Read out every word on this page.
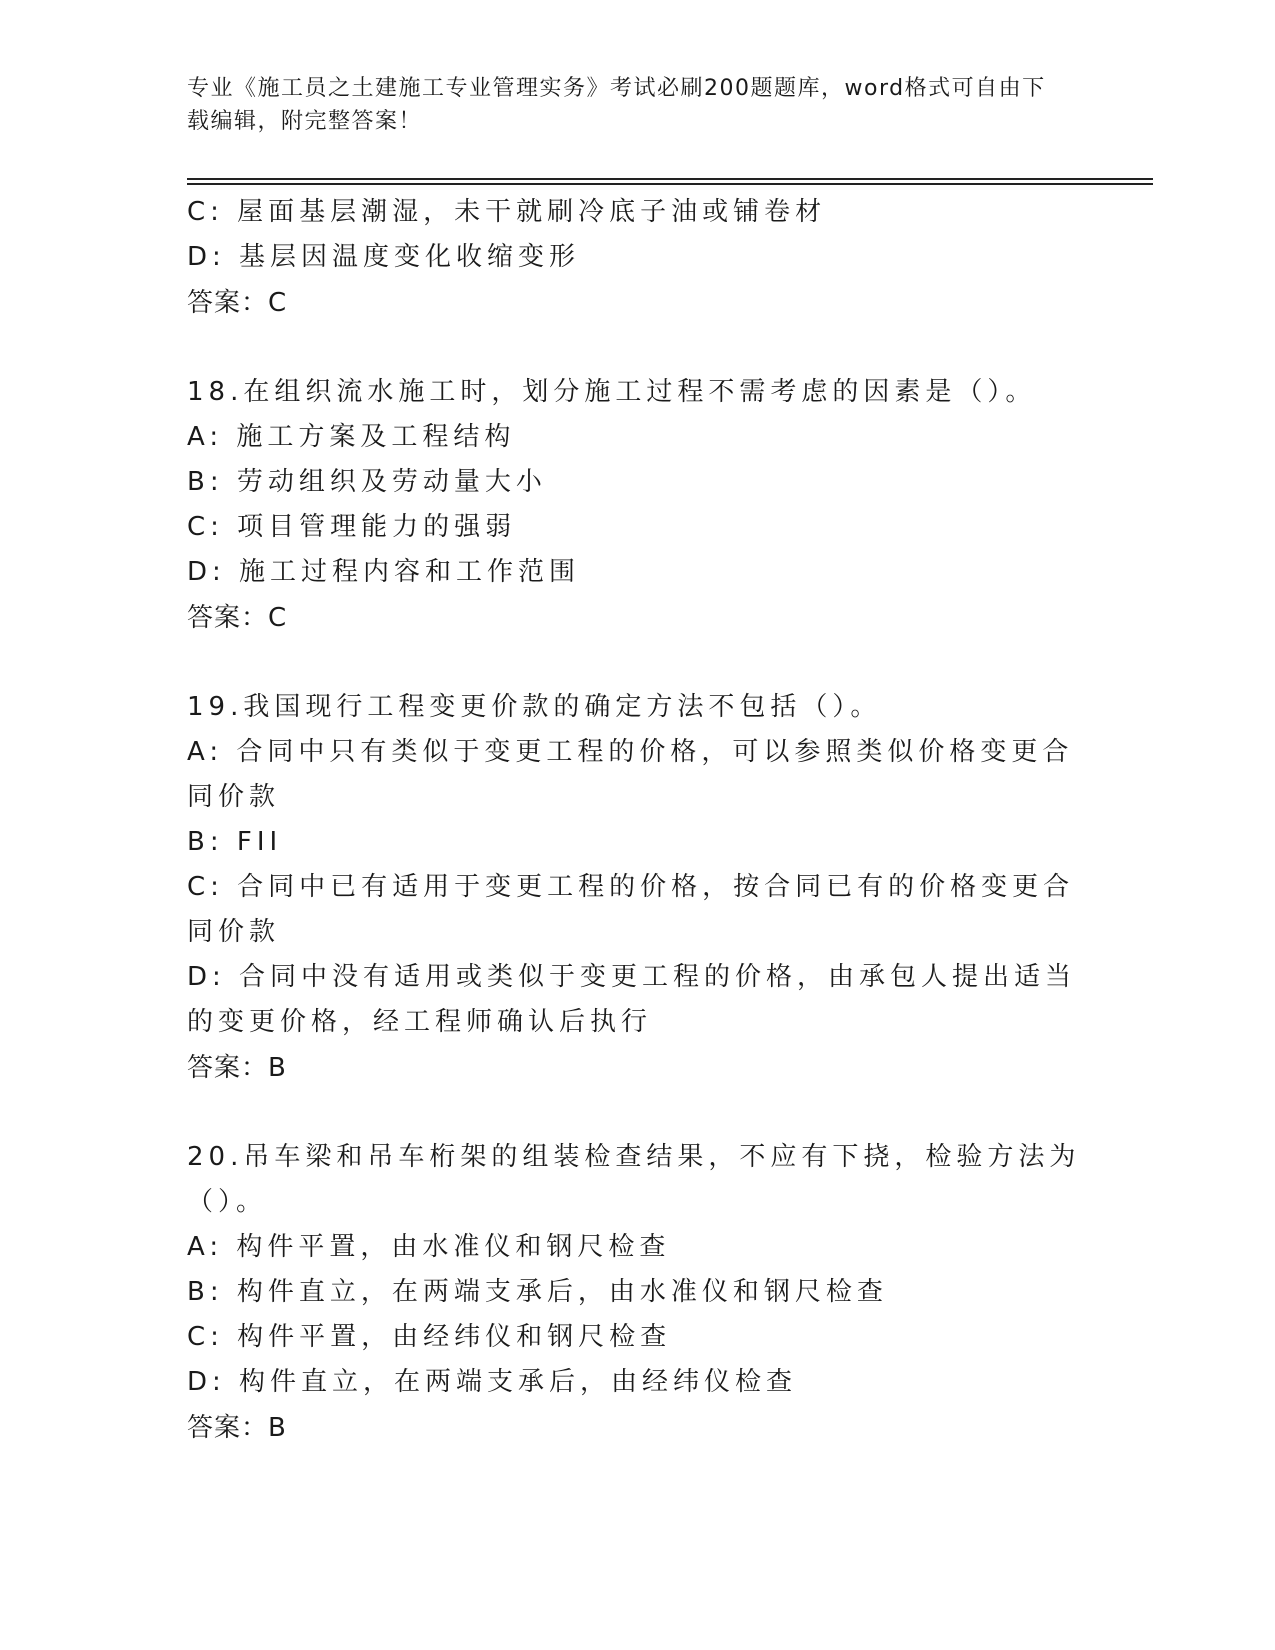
专业《施工员之土建施工专业管理实务》考试必刷200题题库，word格式可自由下载编辑，附完整答案！
C: 屋面基层潮湿，未干就刷冷底子油或铺卷材
D: 基层因温度变化收缩变形
答案：C
18.在组织流水施工时，划分施工过程不需考虑的因素是（）。
A: 施工方案及工程结构
B: 劳动组织及劳动量大小
C: 项目管理能力的强弱
D: 施工过程内容和工作范围
答案：C
19.我国现行工程变更价款的确定方法不包括（）。
A: 合同中只有类似于变更工程的价格，可以参照类似价格变更合同价款
B: FII
C: 合同中已有适用于变更工程的价格，按合同已有的价格变更合同价款
D: 合同中没有适用或类似于变更工程的价格，由承包人提出适当的变更价格，经工程师确认后执行
答案：B
20.吊车梁和吊车桁架的组装检查结果，不应有下挠，检验方法为（）。
A: 构件平置，由水准仪和钢尺检查
B: 构件直立，在两端支承后，由水准仪和钢尺检查
C: 构件平置，由经纬仪和钢尺检查
D: 构件直立，在两端支承后，由经纬仪检查
答案：B
